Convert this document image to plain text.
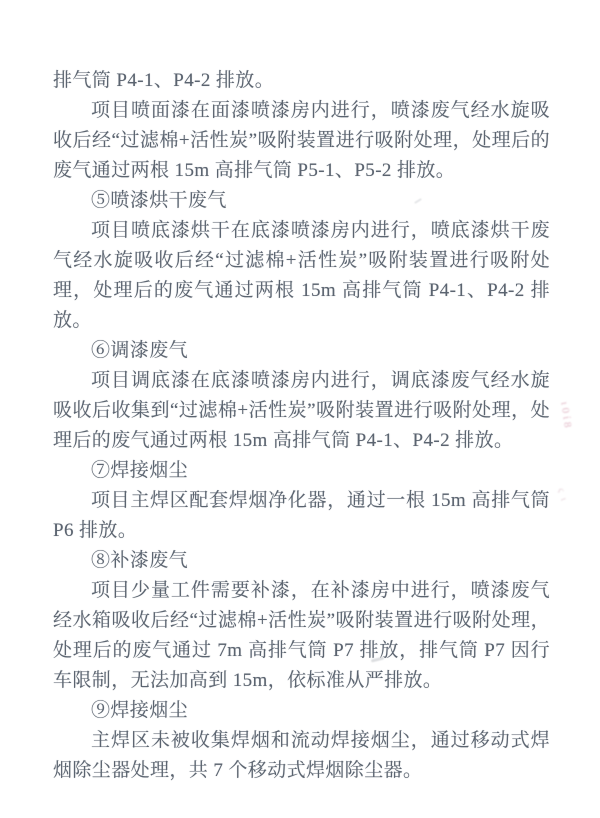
排气筒 P4-1、P4-2 排放。

项目喷面漆在面漆喷漆房内进行，喷漆废气经水旋吸收后经“过滤棉+活性炭”吸附装置进行吸附处理，处理后的废气通过两根 15m 高排气筒 P5-1、P5-2 排放。

⑤喷漆烘干废气

项目喷底漆烘干在底漆喷漆房内进行，喷底漆烘干废气经水旋吸收后经“过滤棉+活性炭”吸附装置进行吸附处理，处理后的废气通过两根 15m 高排气筒 P4-1、P4-2 排放。

⑥调漆废气

项目调底漆在底漆喷漆房内进行，调底漆废气经水旋吸收后收集到“过滤棉+活性炭”吸附装置进行吸附处理，处理后的废气通过两根 15m 高排气筒 P4-1、P4-2 排放。

⑦焊接烟尘

项目主焊区配套焊烟净化器，通过一根 15m 高排气筒 P6 排放。

⑧补漆废气

项目少量工件需要补漆，在补漆房中进行，喷漆废气经水箱吸收后经“过滤棉+活性炭”吸附装置进行吸附处理，处理后的废气通过 7m 高排气筒 P7 排放，排气筒 P7 因行车限制，无法加高到 15m，依标准从严排放。

⑨焊接烟尘

主焊区未被收集焊烟和流动焊接烟尘，通过移动式焊烟除尘器处理，共 7 个移动式焊烟除尘器。

ι0ί8
ϛ ι
